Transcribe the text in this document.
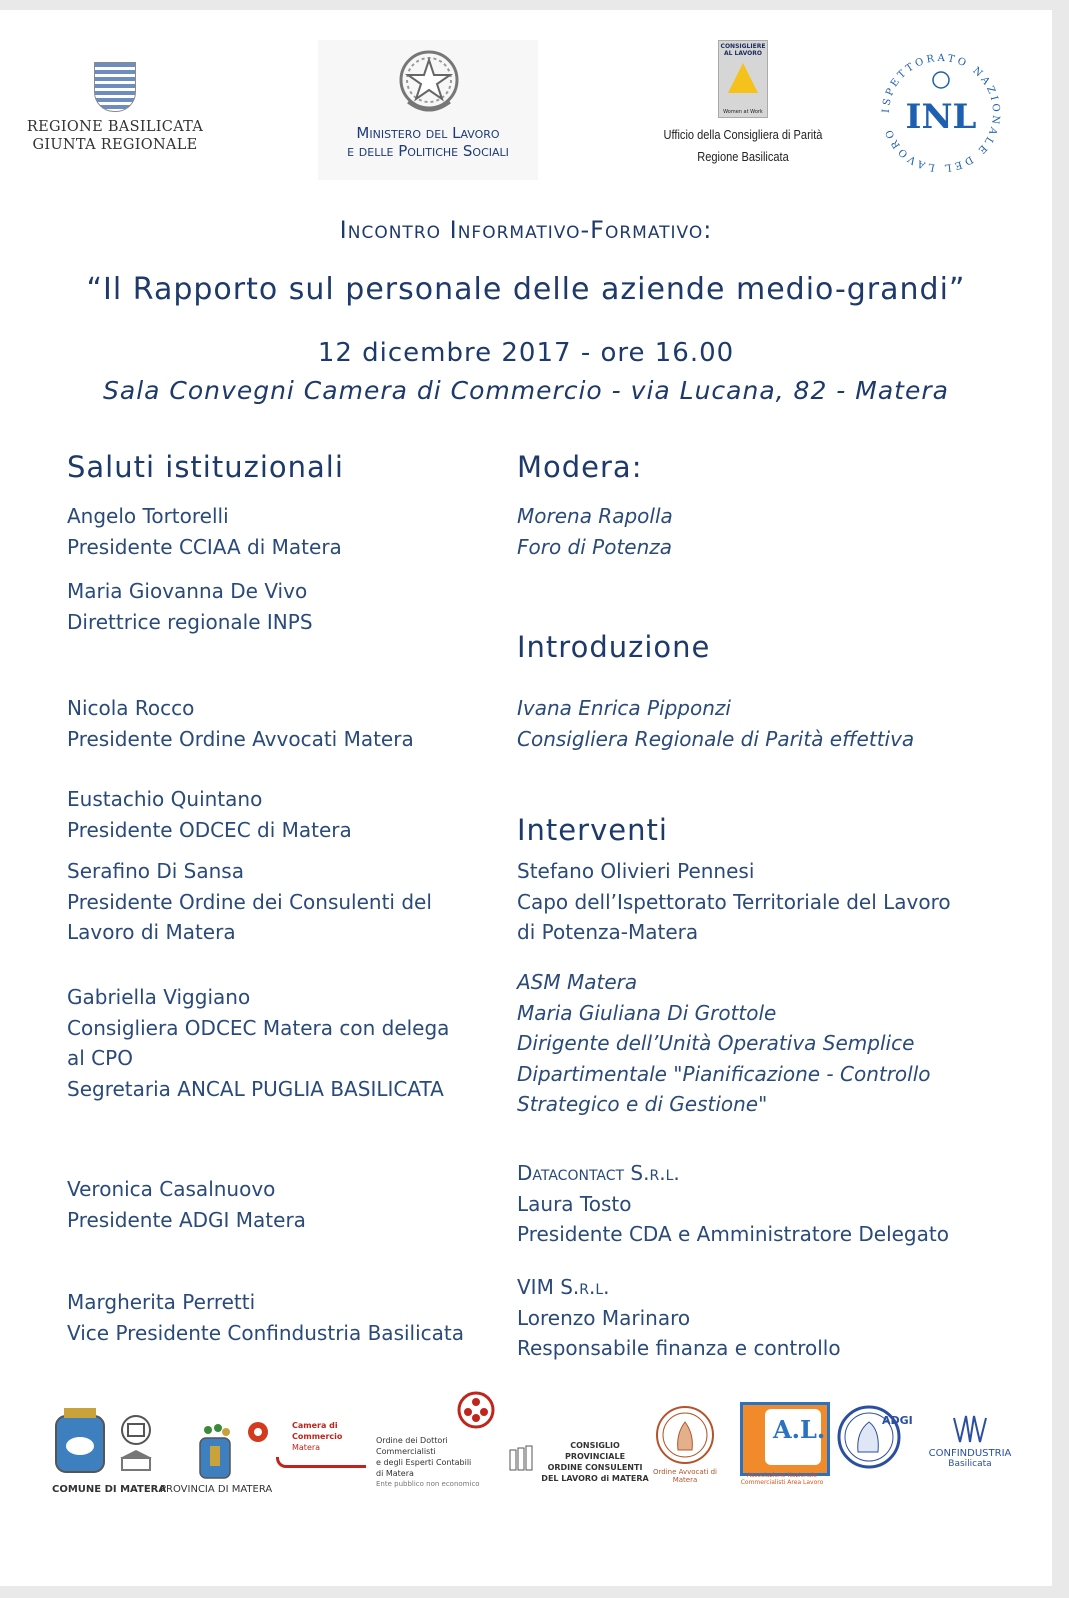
REGIONE BASILICATA
GIUNTA REGIONALE
Ministero del Lavoro
e delle Politiche Sociali
CONSIGLIERE AL LAVORO
Women at Work
Ufficio della Consigliera di Parità
Regione Basilicata
ISPETTORATO NAZIONALE DEL LAVORO INL
Incontro Informativo-Formativo:
“Il Rapporto sul personale delle aziende medio-grandi”
12 dicembre 2017 - ore 16.00
Sala Convegni Camera di Commercio - via Lucana, 82 - Matera
Saluti istituzionali
Angelo Tortorelli
Presidente CCIAA di Matera
Maria Giovanna De Vivo
Direttrice regionale INPS
Nicola Rocco
Presidente Ordine Avvocati Matera
Eustachio Quintano
Presidente ODCEC di Matera
Serafino Di Sansa
Presidente Ordine dei Consulenti del
Lavoro di Matera
Gabriella Viggiano
Consigliera ODCEC Matera con delega
al CPO
Segretaria ANCAL PUGLIA BASILICATA
Veronica Casalnuovo
Presidente ADGI Matera
Margherita Perretti
Vice Presidente Confindustria Basilicata
Modera:
Morena Rapolla
Foro di Potenza
Introduzione
Ivana Enrica Pipponzi
Consigliera Regionale di Parità effettiva
Interventi
Stefano Olivieri Pennesi
Capo dell’Ispettorato Territoriale del Lavoro
di Potenza-Matera
ASM Matera
Maria Giuliana Di Grottole
Dirigente dell’Unità Operativa Semplice
Dipartimentale "Pianificazione - Controllo
Strategico e di Gestione"
Datacontact S.r.l.
Laura Tosto
Presidente CDA e Amministratore Delegato
VIM S.r.l.
Lorenzo Marinaro
Responsabile finanza e controllo
COMUNE DI MATERA
PROVINCIA DI MATERA
Camera di Commercio
Matera
Ordine dei Dottori Commercialisti
e degli Esperti Contabili
di Matera
Ente pubblico non economico
CONSIGLIO PROVINCIALE
ORDINE CONSULENTI
DEL LAVORO di MATERA
Ordine Avvocati di Matera
A.L.
Associazione Nazionale
Commercialisti Area Lavoro
ADGI
CONFINDUSTRIA
Basilicata
